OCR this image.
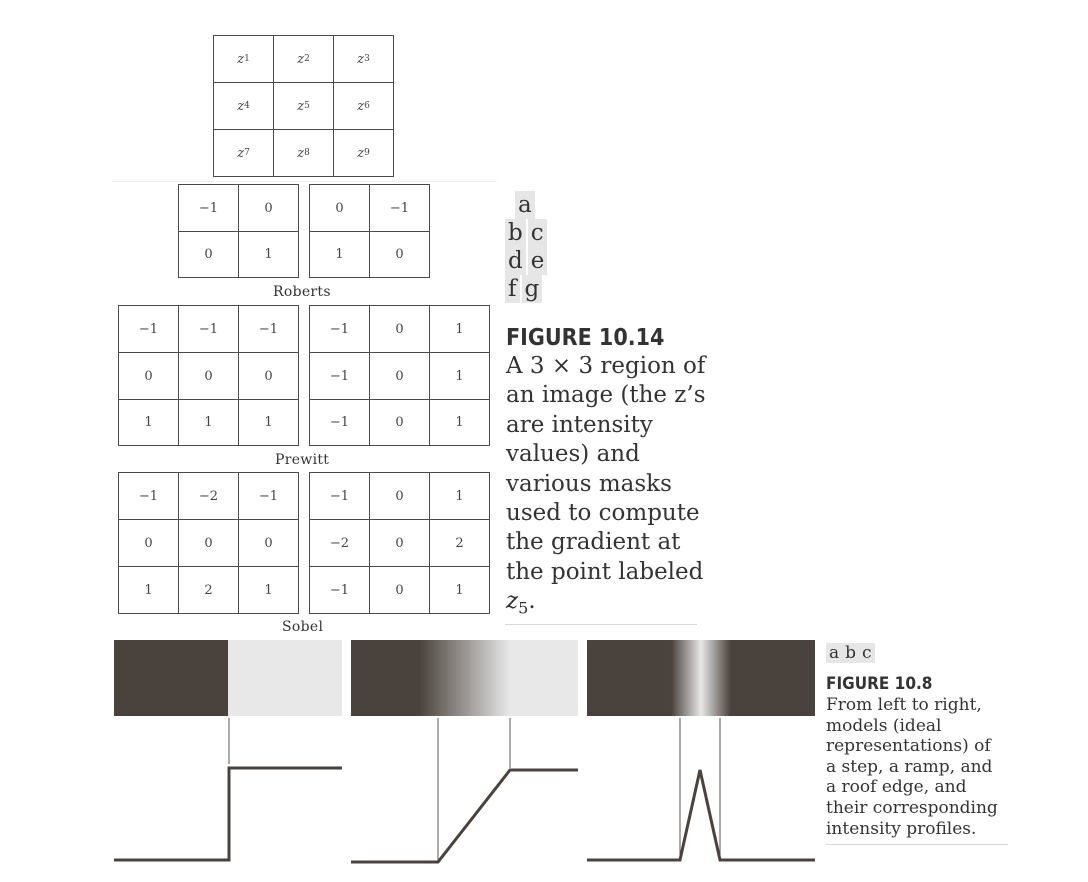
z 1	z 2	z 3
z 4	z 5	z 6
z 7	z 8	z 9
−1	0
0	1
0	−1
1	0
Roberts
−1	−1	−1
0	0	0
1	1	1
−1	0	1
−1	0	1
−1	0	1
Prewitt
−1	−2	−1
0	0	0
1	2	1
−1	0	1
−2	0	2
−1	0	1
Sobel
a
b c
d e
f g
FIGURE 10.14
A 3 × 3 region of
an image (the z’s
are intensity
values) and
various masks
used to compute
the gradient at
the point labeled
$z_5$.
a b c
FIGURE 10.8
From left to right,
models (ideal
representations) of
a step, a ramp, and
a roof edge, and
their corresponding
intensity profiles.
